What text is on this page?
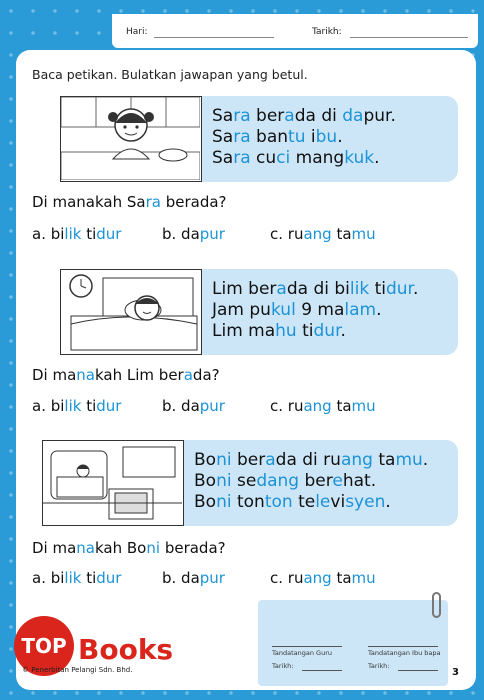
Hari:	Tarikh:
Baca petikan. Bulatkan jawapan yang betul.
Sara berada di dapur.
Sara bantu ibu.
Sara cuci mangkuk.
Di manakah Sara berada?
a. bilik tidur	b. dapur	c. ruang tamu
Lim berada di bilik tidur.
Jam pukul 9 malam.
Lim mahu tidur.
Di manakah Lim berada?
a. bilik tidur	b. dapur	c. ruang tamu
Boni berada di ruang tamu.
Boni sedang berehat.
Boni tonton televisyen.
Di manakah Boni berada?
a. bilik tidur	b. dapur	c. ruang tamu
Tandatangan Guru	Tandatangan Ibu bapa
Tarikh:	Tarikh:
3
TOP Books
© Penerbitan Pelangi Sdn. Bhd.
